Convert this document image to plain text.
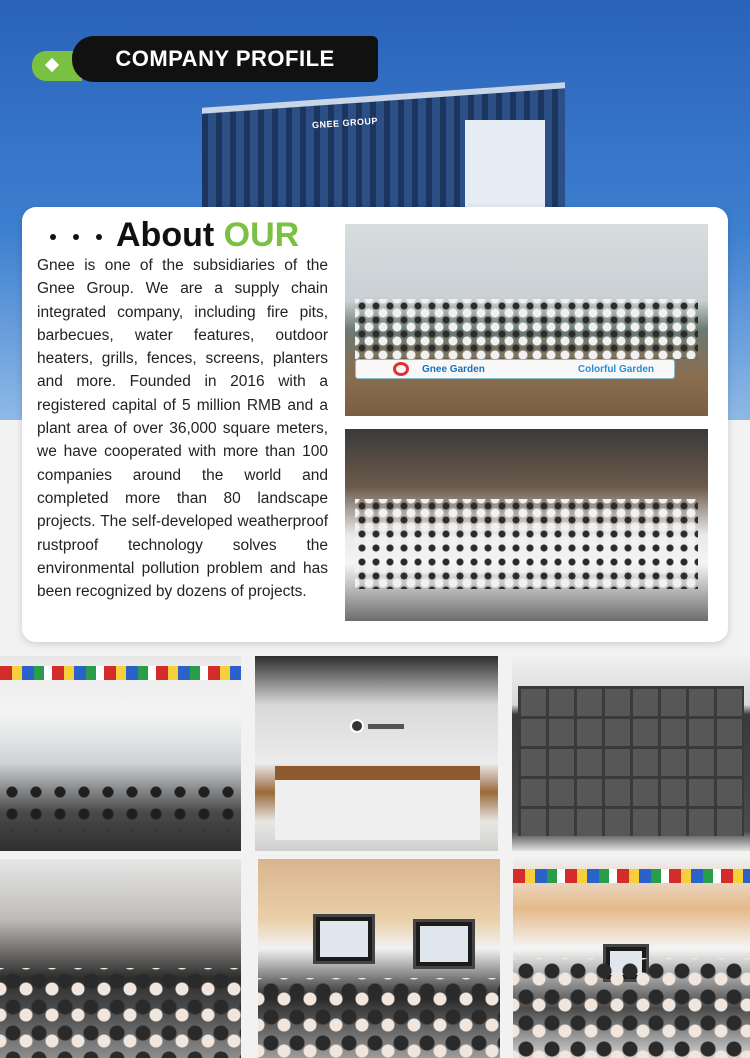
GNEE GROUP
COMPANY PROFILE
About OUR
Gnee is one of the subsidiaries of the Gnee Group. We are a supply chain integrated company, including fire pits, barbecues, water features, outdoor heaters, grills, fences, screens, planters and more. Founded in 2016 with a registered capital of 5 million RMB and a plant area of over 36,000 square meters, we have cooperated with more than 100 companies around the world and completed more than 80 landscape projects. The self-developed weatherproof rustproof technology solves the environmental pollution problem and has been recognized by dozens of projects.
Gnee Garden	Colorful Garden
